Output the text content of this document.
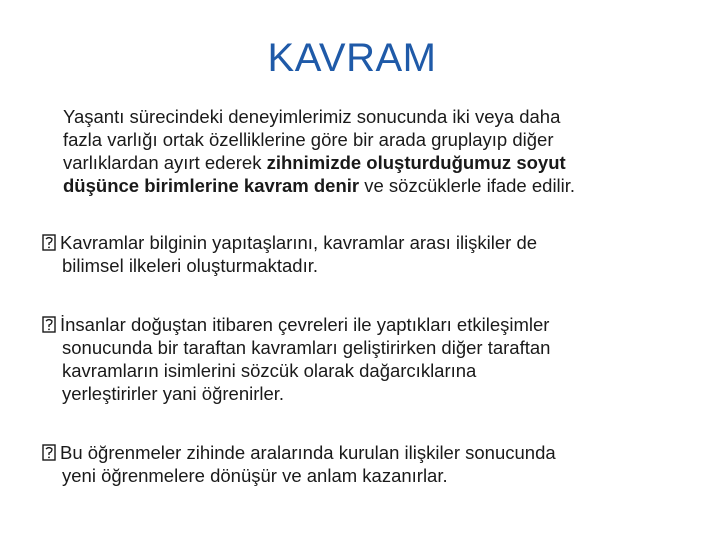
KAVRAM
Yaşantı sürecindeki deneyimlerimiz sonucunda iki veya daha
fazla varlığı ortak özelliklerine göre bir arada gruplayıp diğer
varlıklardan ayırt ederek zihnimizde oluşturduğumuz soyut
düşünce birimlerine kavram denir ve sözcüklerle ifade edilir.
Kavramlar bilginin yapıtaşlarını, kavramlar arası ilişkiler de
bilimsel ilkeleri oluşturmaktadır.
İnsanlar doğuştan itibaren çevreleri ile yaptıkları etkileşimler
sonucunda bir taraftan kavramları geliştirirken diğer taraftan
kavramların isimlerini sözcük olarak dağarcıklarına
yerleştirirler yani öğrenirler.
Bu öğrenmeler zihinde aralarında kurulan ilişkiler sonucunda
yeni öğrenmelere dönüşür ve anlam kazanırlar.
